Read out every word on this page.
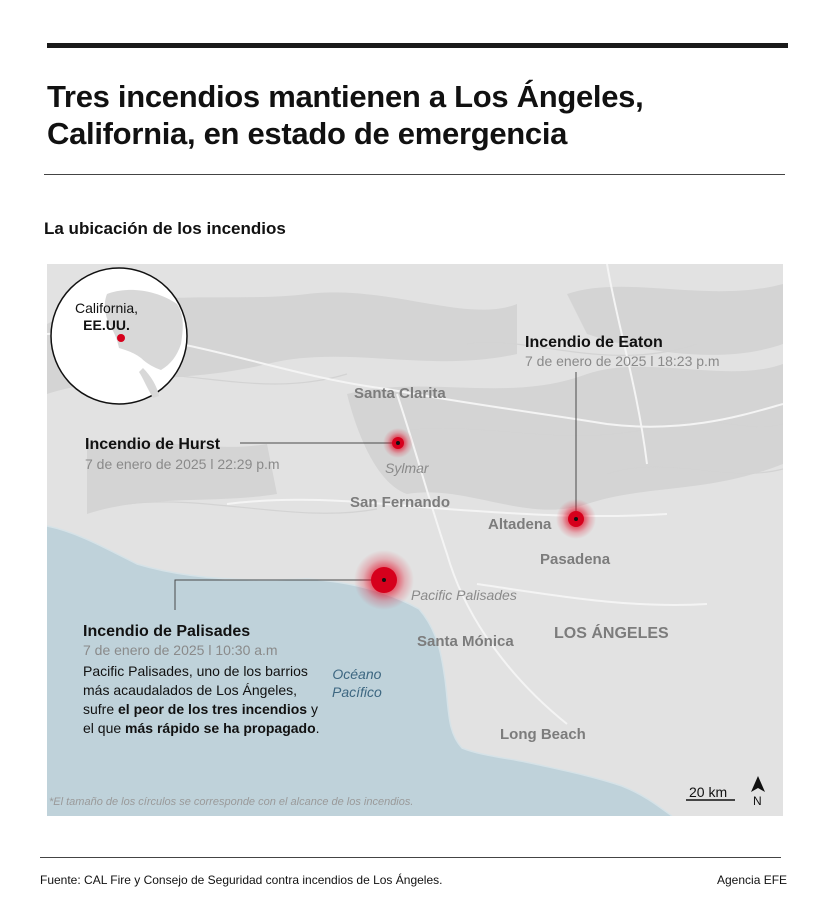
Tres incendios mantienen a Los Ángeles, California, en estado de emergencia
La ubicación de los incendios
California,
EE.UU.
Santa Clarita
Sylmar
San Fernando
Altadena
Pasadena
Pacific Palisades
Santa Mónica	LOS ÁNGELES
Long Beach
Océano
Pacífico
Incendio de Eaton
7 de enero de 2025 l 18:23 p.m
Incendio de Hurst
7 de enero de 2025 l 22:29 p.m
Incendio de Palisades
7 de enero de 2025 l 10:30 a.m
Pacific Palisades, uno de los barrios más acaudalados de Los Ángeles, sufre el peor de los tres incendios y el que más rápido se ha propagado.
*El tamaño de los círculos se corresponde con el alcance de los incendios.
20 km
N
Fuente: CAL Fire y Consejo de Seguridad contra incendios de Los Ángeles.	Agencia EFE
